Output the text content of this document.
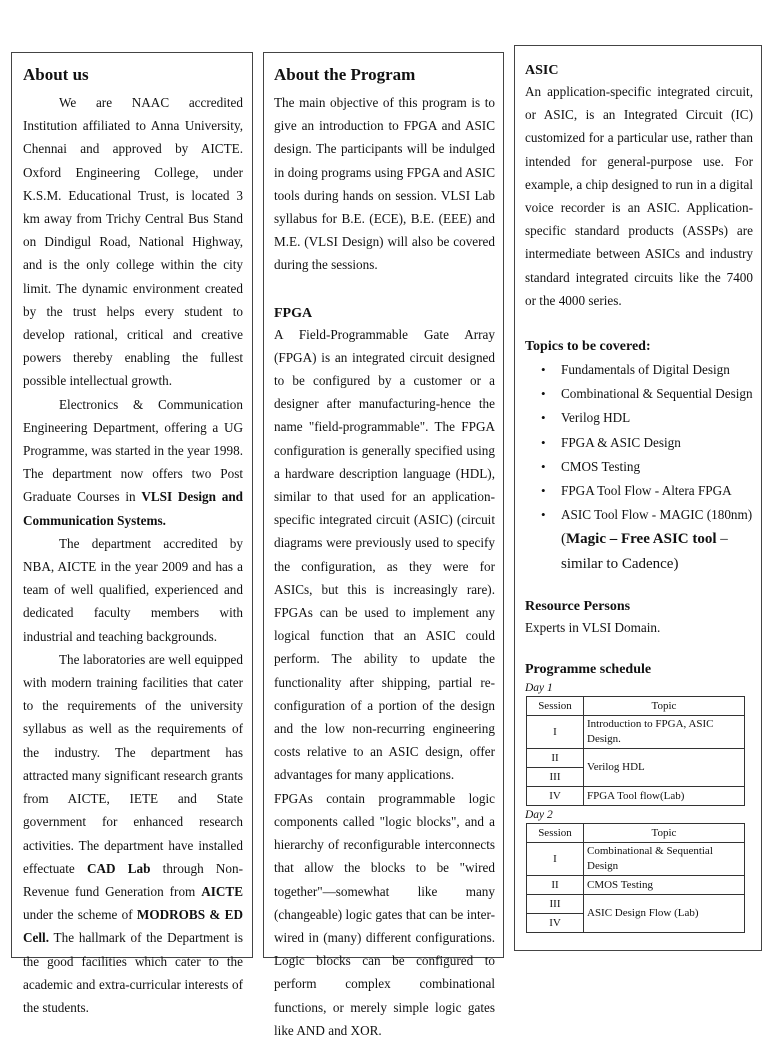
About us

We are NAAC accredited Institution affiliated to Anna University, Chennai and approved by AICTE. Oxford Engineering College, under K.S.M. Educational Trust, is located 3 km away from Trichy Central Bus Stand on Dindigul Road, National Highway, and is the only college within the city limit. The dynamic environment created by the trust helps every student to develop rational, critical and creative powers thereby enabling the fullest possible intellectual growth.

Electronics & Communication Engineering Department, offering a UG Programme, was started in the year 1998. The department now offers two Post Graduate Courses in VLSI Design and Communication Systems.

The department accredited by NBA, AICTE in the year 2009 and has a team of well qualified, experienced and dedicated faculty members with industrial and teaching backgrounds.

The laboratories are well equipped with modern training facilities that cater to the requirements of the university syllabus as well as the requirements of the industry. The department has attracted many significant research grants from AICTE, IETE and State government for enhanced research activities. The department have installed effectuate CAD Lab through Non- Revenue fund Generation from AICTE under the scheme of MODROBS & ED Cell. The hallmark of the Department is the good facilities which cater to the academic and extra-curricular interests of the students.

About the Program

The main objective of this program is to give an introduction to FPGA and ASIC design. The participants will be indulged in doing programs using FPGA and ASIC tools during hands on session. VLSI Lab syllabus for B.E. (ECE), B.E. (EEE) and M.E. (VLSI Design) will also be covered during the sessions.

FPGA

A Field-Programmable Gate Array (FPGA) is an integrated circuit designed to be configured by a customer or a designer after manufacturing-hence the name "field-programmable". The FPGA configuration is generally specified using a hardware description language (HDL), similar to that used for an application-specific integrated circuit (ASIC) (circuit diagrams were previously used to specify the configuration, as they were for ASICs, but this is increasingly rare). FPGAs can be used to implement any logical function that an ASIC could perform. The ability to update the functionality after shipping, partial re-configuration of a portion of the design and the low non-recurring engineering costs relative to an ASIC design, offer advantages for many applications.

FPGAs contain programmable logic components called "logic blocks", and a hierarchy of reconfigurable interconnects that allow the blocks to be "wired together"—somewhat like many (changeable) logic gates that can be inter-wired in (many) different configurations. Logic blocks can be configured to perform complex combinational functions, or merely simple logic gates like AND and XOR.

ASIC

An application-specific integrated circuit, or ASIC, is an Integrated Circuit (IC) customized for a particular use, rather than intended for general-purpose use. For example, a chip designed to run in a digital voice recorder is an ASIC. Application-specific standard products (ASSPs) are intermediate between ASICs and industry standard integrated circuits like the 7400 or the 4000 series.

Topics to be covered:
• Fundamentals of Digital Design
• Combinational & Sequential Design
• Verilog HDL
• FPGA & ASIC Design
• CMOS Testing
• FPGA Tool Flow - Altera FPGA
• ASIC Tool Flow - MAGIC (180nm)
(Magic – Free ASIC tool – similar to Cadence)
Resource Persons

Experts in VLSI Domain.

Programme schedule
Day 1
Session	Topic
I	Introduction to FPGA, ASIC Design.
II	Verilog HDL
III	
IV	FPGA Tool flow(Lab)
Day 2
Session	Topic
I	Combinational & Sequential Design
II	CMOS Testing
III	ASIC Design Flow (Lab)
IV	
